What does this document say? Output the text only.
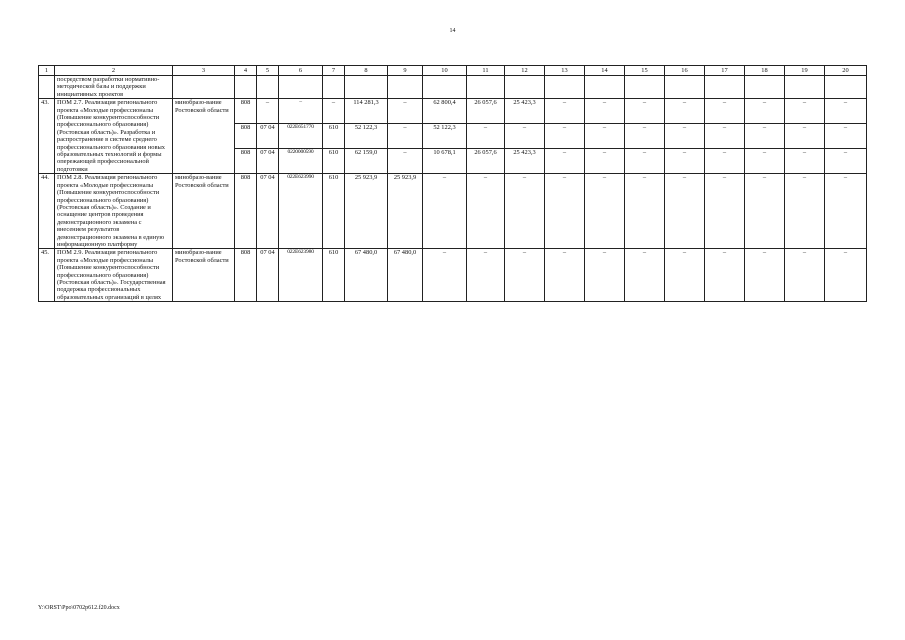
14
1	2	3	4	5	6	7	8	9	10	11	12	13	14	15	16	17	18	19	20
	посредством разработки нормативно-методической базы и поддержки инициативных проектов																		
43.	ПОМ 2.7. Реализация регионального проекта «Молодые профессионалы (Повышение конкурентоспособности профессионального образования) (Ростовская область)». Разработка и распространение в системе среднего профессионального образования новых образовательных технологий и формы опережающей профессиональной подготовки	минобразо-вание Ростовской области	808	–	–	–	114 281,3	–	62 800,4	26 057,6	25 423,3	–	–	–	–	–	–	–	–
			808	07 04	022Е651770	610	52 122,3	–	52 122,3	–	–	–	–	–	–	–	–	–	–
			808	07 04	0220000590	610	62 159,0	–	10 678,1	26 057,6	25 423,3	–	–	–	–	–	–	–	–
44.	ПОМ 2.8. Реализация регионального проекта «Молодые профессионалы (Повышение конкурентоспособности профессионального образования) (Ростовская область)». Создание и оснащение центров проведения демонстрационного экзамена с внесением результатов демонстрационного экзамена в единую информационную платформу	минобразо-вание Ростовской области	808	07 04	022Е623990	610	25 923,9	25 923,9	–	–	–	–	–	–	–	–	–	–	–
45.	ПОМ 2.9. Реализация регионального проекта «Молодые профессионалы (Повышение конкурентоспособности профессионального образования) (Ростовская область)». Государственная поддержка профессиональных образовательных организаций в целях	минобразо-вание Ростовской области	808	07 04	022Е623980	610	67 480,0	67 480,0	–	–	–	–	–	–	–	–	–	–	–
Y:\ORST\Ppo\0702p612.f20.docx
